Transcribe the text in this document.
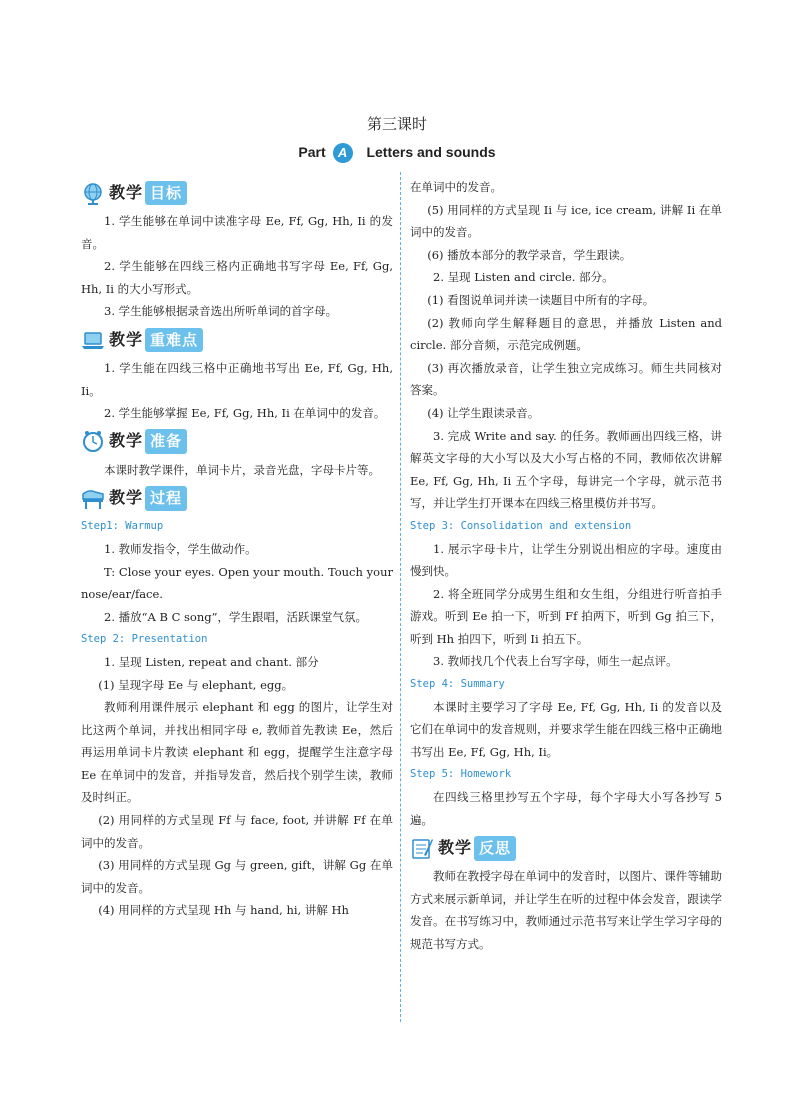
第三课时
Part A Letters and sounds
教学 目标

1. 学生能够在单词中读准字母 Ee, Ff, Gg, Hh, Ii 的发音。

2. 学生能够在四线三格内正确地书写字母 Ee, Ff, Gg, Hh, Ii 的大小写形式。

3. 学生能够根据录音选出所听单词的首字母。

教学 重难点

1. 学生能在四线三格中正确地书写出 Ee, Ff, Gg, Hh, Ii。

2. 学生能够掌握 Ee, Ff, Gg, Hh, Ii 在单词中的发音。

教学 准备

本课时教学课件，单词卡片，录音光盘，字母卡片等。

教学 过程

Step1: Warmup

1. 教师发指令，学生做动作。

T: Close your eyes. Open your mouth. Touch your nose/ear/face.

2. 播放“A B C song”，学生跟唱，活跃课堂气氛。

Step 2: Presentation

1. 呈现 Listen, repeat and chant. 部分

(1) 呈现字母 Ee 与 elephant, egg。

教师利用课件展示 elephant 和 egg 的图片，让学生对比这两个单词，并找出相同字母 e, 教师首先教读 Ee，然后再运用单词卡片教读 elephant 和 egg，提醒学生注意字母 Ee 在单词中的发音，并指导发音，然后找个别学生读，教师及时纠正。

(2) 用同样的方式呈现 Ff 与 face, foot, 并讲解 Ff 在单词中的发音。

(3) 用同样的方式呈现 Gg 与 green, gift，讲解 Gg 在单词中的发音。

(4) 用同样的方式呈现 Hh 与 hand, hi, 讲解 Hh

在单词中的发音。

(5) 用同样的方式呈现 Ii 与 ice, ice cream, 讲解 Ii 在单词中的发音。

(6) 播放本部分的教学录音，学生跟读。

2. 呈现 Listen and circle. 部分。

(1) 看图说单词并读一读题目中所有的字母。

(2) 教师向学生解释题目的意思，并播放 Listen and circle. 部分音频，示范完成例题。

(3) 再次播放录音，让学生独立完成练习。师生共同核对答案。

(4) 让学生跟读录音。

3. 完成 Write and say. 的任务。教师画出四线三格，讲解英文字母的大小写以及大小写占格的不同，教师依次讲解 Ee, Ff, Gg, Hh, Ii 五个字母，每讲完一个字母，就示范书写，并让学生打开课本在四线三格里模仿并书写。

Step 3: Consolidation and extension

1. 展示字母卡片，让学生分别说出相应的字母。速度由慢到快。

2. 将全班同学分成男生组和女生组，分组进行听音拍手游戏。听到 Ee 拍一下，听到 Ff 拍两下，听到 Gg 拍三下，听到 Hh 拍四下，听到 Ii 拍五下。

3. 教师找几个代表上台写字母，师生一起点评。

Step 4: Summary

本课时主要学习了字母 Ee, Ff, Gg, Hh, Ii 的发音以及它们在单词中的发音规则，并要求学生能在四线三格中正确地书写出 Ee, Ff, Gg, Hh, Ii。

Step 5: Homework

在四线三格里抄写五个字母，每个字母大小写各抄写 5 遍。

教学 反思

教师在教授字母在单词中的发音时，以图片、课件等辅助方式来展示新单词，并让学生在听的过程中体会发音，跟读学发音。在书写练习中，教师通过示范书写来让学生学习字母的规范书写方式。
